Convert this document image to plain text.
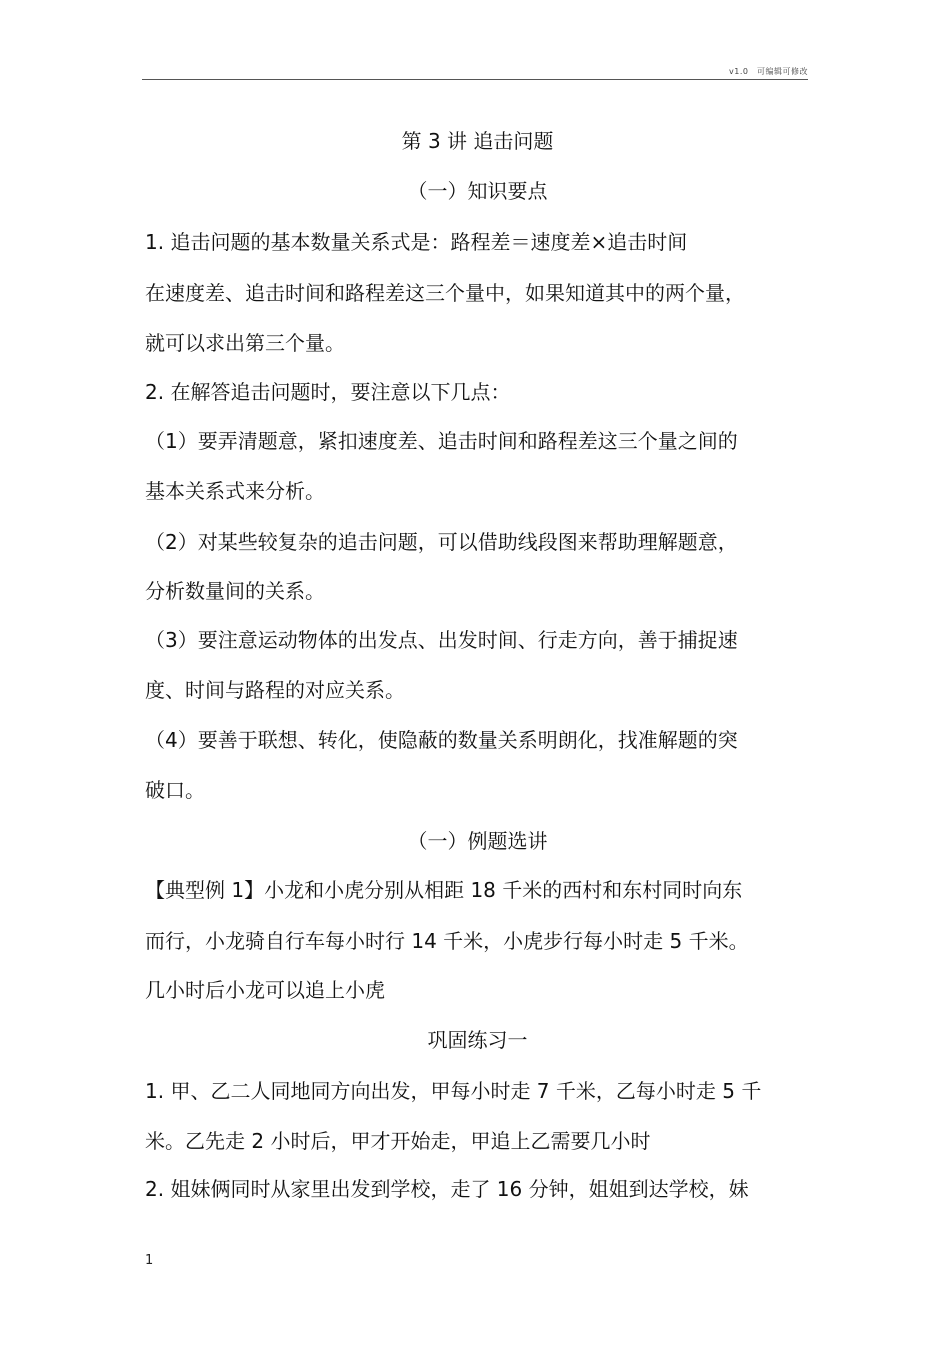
v1.0　可编辑可修改
第 3 讲 追击问题
（一）知识要点
1. 追击问题的基本数量关系式是：路程差＝速度差×追击时间
在速度差、追击时间和路程差这三个量中，如果知道其中的两个量，
就可以求出第三个量。
2. 在解答追击问题时，要注意以下几点：
（1）要弄清题意，紧扣速度差、追击时间和路程差这三个量之间的
基本关系式来分析。
（2）对某些较复杂的追击问题，可以借助线段图来帮助理解题意，
分析数量间的关系。
（3）要注意运动物体的出发点、出发时间、行走方向，善于捕捉速
度、时间与路程的对应关系。
（4）要善于联想、转化，使隐蔽的数量关系明朗化，找准解题的突
破口。
（一）例题选讲
【典型例 1】小龙和小虎分别从相距 18 千米的西村和东村同时向东
而行，小龙骑自行车每小时行 14 千米，小虎步行每小时走 5 千米。
几小时后小龙可以追上小虎
巩固练习一
1. 甲、乙二人同地同方向出发，甲每小时走 7 千米，乙每小时走 5 千
米。乙先走 2 小时后，甲才开始走，甲追上乙需要几小时
2. 姐妹俩同时从家里出发到学校，走了 16 分钟，姐姐到达学校，妹
1
